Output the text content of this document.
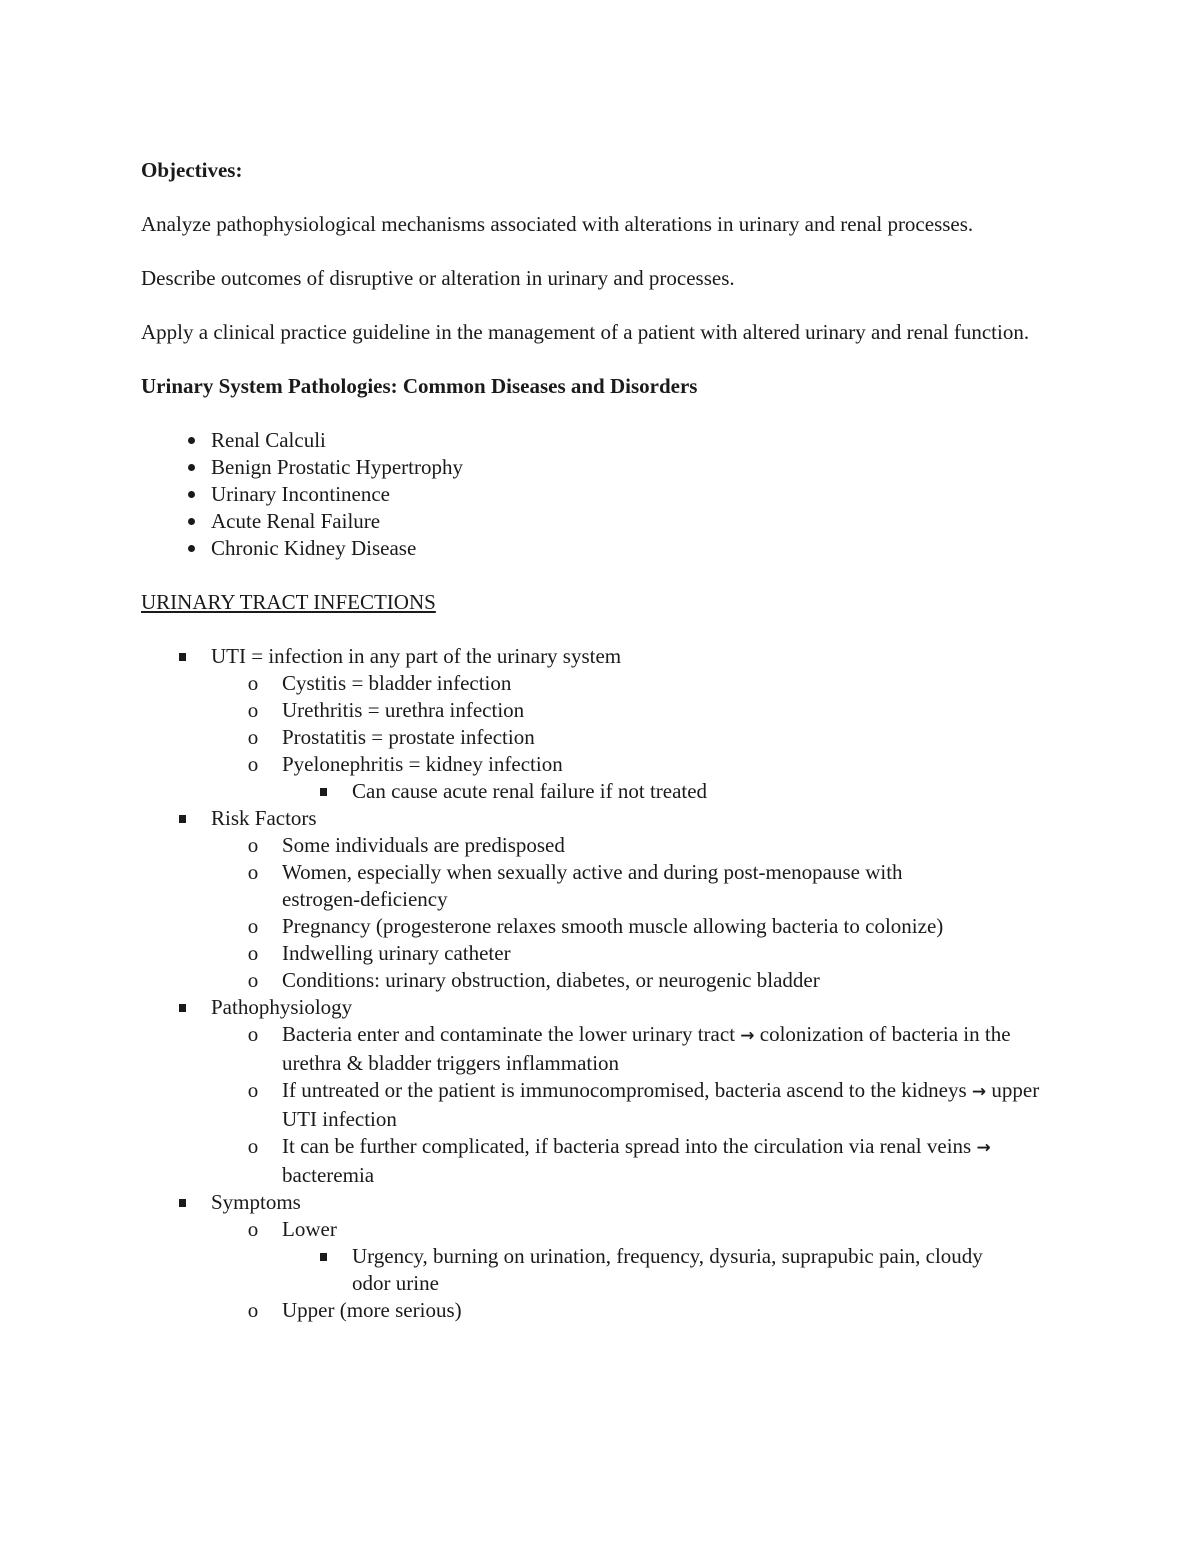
Objectives:

Analyze pathophysiological mechanisms associated with alterations in urinary and renal processes.

Describe outcomes of disruptive or alteration in urinary and processes.

Apply a clinical practice guideline in the management of a patient with altered urinary and renal function.

Urinary System Pathologies: Common Diseases and Disorders

Renal Calculi
Benign Prostatic Hypertrophy
Urinary Incontinence
Acute Renal Failure
Chronic Kidney Disease

URINARY TRACT INFECTIONS

UTI = infection in any part of the urinary system
o Cystitis = bladder infection
o Urethritis = urethra infection
o Prostatitis = prostate infection
o Pyelonephritis = kidney infection
Can cause acute renal failure if not treated
Risk Factors
o Some individuals are predisposed
o Women, especially when sexually active and during post-menopause with estrogen-deficiency
o Pregnancy (progesterone relaxes smooth muscle allowing bacteria to colonize)
o Indwelling urinary catheter
o Conditions: urinary obstruction, diabetes, or neurogenic bladder
Pathophysiology
o Bacteria enter and contaminate the lower urinary tract → colonization of bacteria in the urethra & bladder triggers inflammation
o If untreated or the patient is immunocompromised, bacteria ascend to the kidneys → upper UTI infection
o It can be further complicated, if bacteria spread into the circulation via renal veins → bacteremia
Symptoms
o Lower
Urgency, burning on urination, frequency, dysuria, suprapubic pain, cloudy odor urine
o Upper (more serious)
